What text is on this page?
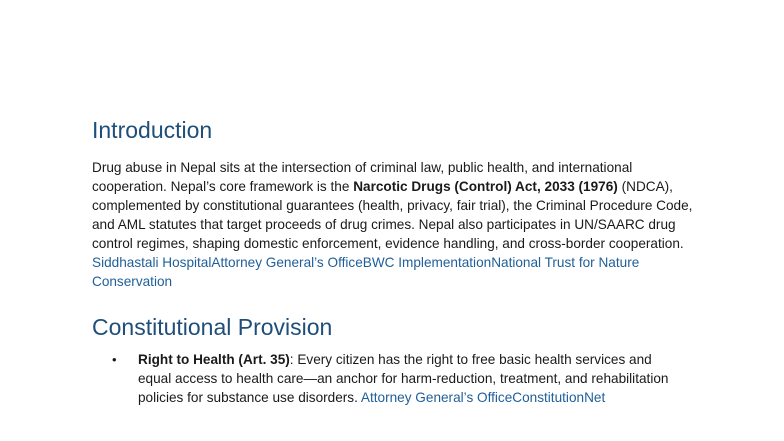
Introduction
Drug abuse in Nepal sits at the intersection of criminal law, public health, and international cooperation. Nepal’s core framework is the Narcotic Drugs (Control) Act, 2033 (1976) (NDCA), complemented by constitutional guarantees (health, privacy, fair trial), the Criminal Procedure Code, and AML statutes that target proceeds of drug crimes. Nepal also participates in UN/SAARC drug control regimes, shaping domestic enforcement, evidence handling, and cross-border cooperation. Siddhastali HospitalAttorney General’s OfficeBWC ImplementationNational Trust for Nature Conservation
Constitutional Provision
•	Right to Health (Art. 35): Every citizen has the right to free basic health services and equal access to health care—an anchor for harm-reduction, treatment, and rehabilitation policies for substance use disorders. Attorney General’s OfficeConstitutionNet
